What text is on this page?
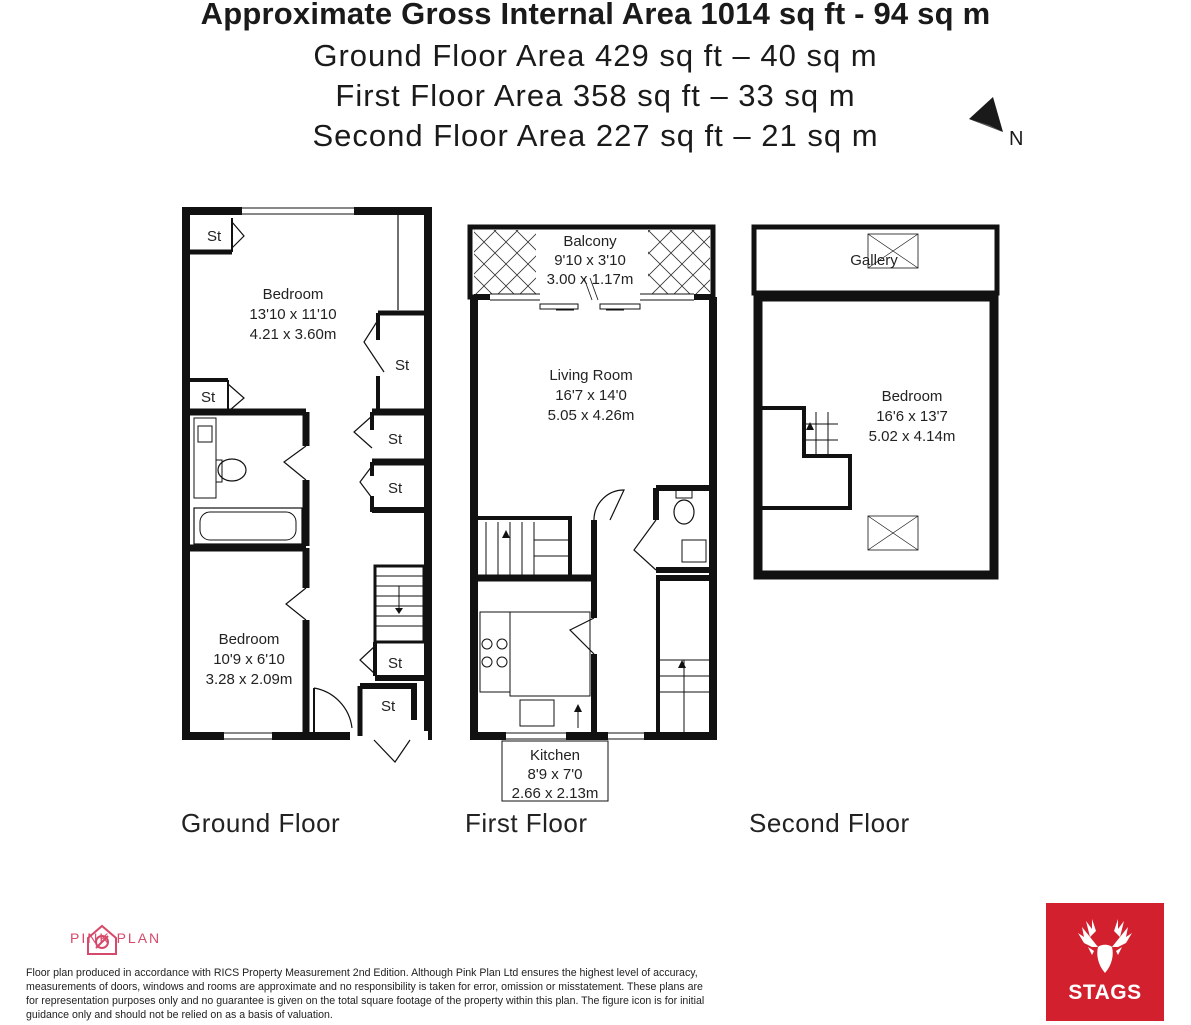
Approximate Gross Internal Area 1014 sq ft - 94 sq m
Ground Floor Area 429 sq ft – 40 sq m
First Floor Area 358 sq ft – 33 sq m
Second Floor Area 227 sq ft – 21 sq m	N
St
St
St
St
St
St
St
Bedroom
13'10 x 11'10
4.21 x 3.60m
Bedroom
10'9 x 6'10
3.28 x 2.09m
Balcony
9'10 x 3'10
3.00 x 1.17m
Living Room
16'7 x 14'0
5.05 x 4.26m
Kitchen
8'9 x 7'0
2.66 x 2.13m
Gallery
Bedroom
16'6 x 13'7
5.02 x 4.14m
Ground Floor	First Floor	Second Floor
PINK PLAN
Floor plan produced in accordance with RICS Property Measurement 2nd Edition. Although Pink Plan Ltd ensures the highest level of accuracy, measurements of doors, windows and rooms are approximate and no responsibility is taken for error, omission or misstatement. These plans are for representation purposes only and no guarantee is given on the total square footage of the property within this plan. The figure icon is for initial guidance only and should not be relied on as a basis of valuation.
STAGS
